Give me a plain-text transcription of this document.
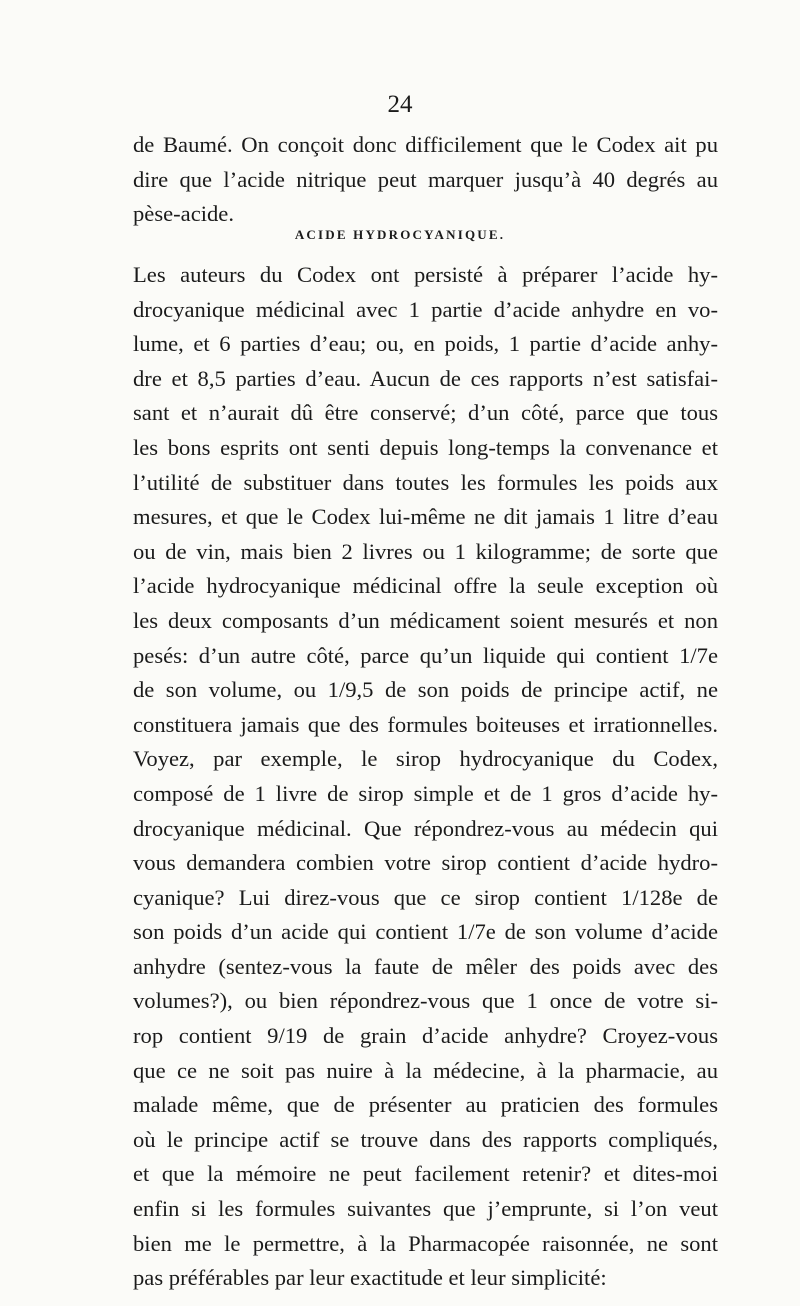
24
de Baumé. On conçoit donc difficilement que le Codex ait pu
dire que l’acide nitrique peut marquer jusqu’à 40 degrés au
pèse-acide.
ACIDE HYDROCYANIQUE.
Les auteurs du Codex ont persisté à préparer l’acide hy-
drocyanique médicinal avec 1 partie d’acide anhydre en vo-
lume, et 6 parties d’eau; ou, en poids, 1 partie d’acide anhy-
dre et 8,5 parties d’eau. Aucun de ces rapports n’est satisfai-
sant et n’aurait dû être conservé; d’un côté, parce que tous
les bons esprits ont senti depuis long-temps la convenance et
l’utilité de substituer dans toutes les formules les poids aux
mesures, et que le Codex lui-même ne dit jamais 1 litre d’eau
ou de vin, mais bien 2 livres ou 1 kilogramme; de sorte que
l’acide hydrocyanique médicinal offre la seule exception où
les deux composants d’un médicament soient mesurés et non
pesés: d’un autre côté, parce qu’un liquide qui contient 1/7e
de son volume, ou 1/9,5 de son poids de principe actif, ne
constituera jamais que des formules boiteuses et irrationnelles.
Voyez, par exemple, le sirop hydrocyanique du Codex,
composé de 1 livre de sirop simple et de 1 gros d’acide hy-
drocyanique médicinal. Que répondrez-vous au médecin qui
vous demandera combien votre sirop contient d’acide hydro-
cyanique? Lui direz-vous que ce sirop contient 1/128e de
son poids d’un acide qui contient 1/7e de son volume d’acide
anhydre (sentez-vous la faute de mêler des poids avec des
volumes?), ou bien répondrez-vous que 1 once de votre si-
rop contient 9/19 de grain d’acide anhydre? Croyez-vous
que ce ne soit pas nuire à la médecine, à la pharmacie, au
malade même, que de présenter au praticien des formules
où le principe actif se trouve dans des rapports compliqués,
et que la mémoire ne peut facilement retenir? et dites-moi
enfin si les formules suivantes que j’emprunte, si l’on veut
bien me le permettre, à la Pharmacopée raisonnée, ne sont
pas préférables par leur exactitude et leur simplicité:
